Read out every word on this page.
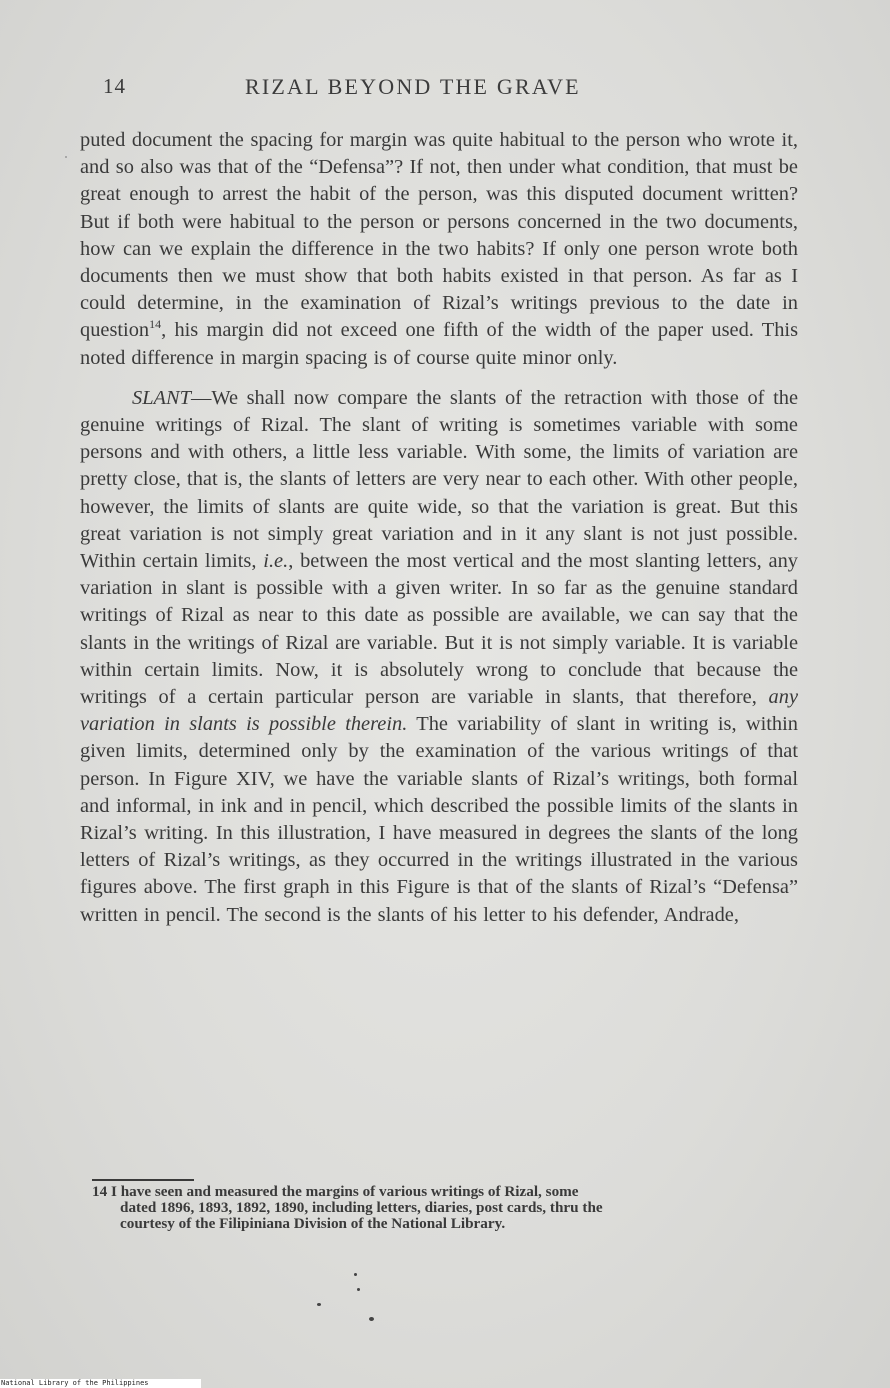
14	RIZAL BEYOND THE GRAVE

puted document the spacing for margin was quite habitual to the person who wrote it, and so also was that of the “Defensa”? If not, then under what condition, that must be great enough to arrest the habit of the person, was this disputed document written? But if both were habitual to the person or persons concerned in the two documents, how can we explain the difference in the two habits? If only one person wrote both documents then we must show that both habits existed in that person. As far as I could determine, in the examination of Rizal’s writings previous to the date in question$^{14}$, his margin did not exceed one fifth of the width of the paper used. This noted difference in margin spacing is of course quite minor only.

SLANT—We shall now compare the slants of the retraction with those of the genuine writings of Rizal. The slant of writing is sometimes variable with some persons and with others, a little less variable. With some, the limits of variation are pretty close, that is, the slants of letters are very near to each other. With other people, however, the limits of slants are quite wide, so that the variation is great. But this great variation is not simply great variation and in it any slant is not just possible. Within certain limits, i.e., between the most vertical and the most slanting letters, any variation in slant is possible with a given writer. In so far as the genuine standard writings of Rizal as near to this date as possible are available, we can say that the slants in the writings of Rizal are variable. But it is not simply variable. It is variable within certain limits. Now, it is absolutely wrong to conclude that because the writings of a certain particular person are variable in slants, that therefore, any variation in slants is possible therein. The variability of slant in writing is, within given limits, determined only by the examination of the various writings of that person. In Figure XIV, we have the variable slants of Rizal’s writings, both formal and informal, in ink and in pencil, which described the possible limits of the slants in Rizal’s writing. In this illustration, I have measured in degrees the slants of the long letters of Rizal’s writings, as they occurred in the writings illustrated in the various figures above. The first graph in this Figure is that of the slants of Rizal’s “Defensa” written in pencil. The second is the slants of his letter to his defender, Andrade,

14 I have seen and measured the margins of various writings of Rizal, some
dated 1896, 1893, 1892, 1890, including letters, diaries, post cards, thru the
courtesy of the Filipiniana Division of the National Library.
National Library of the Philippines
